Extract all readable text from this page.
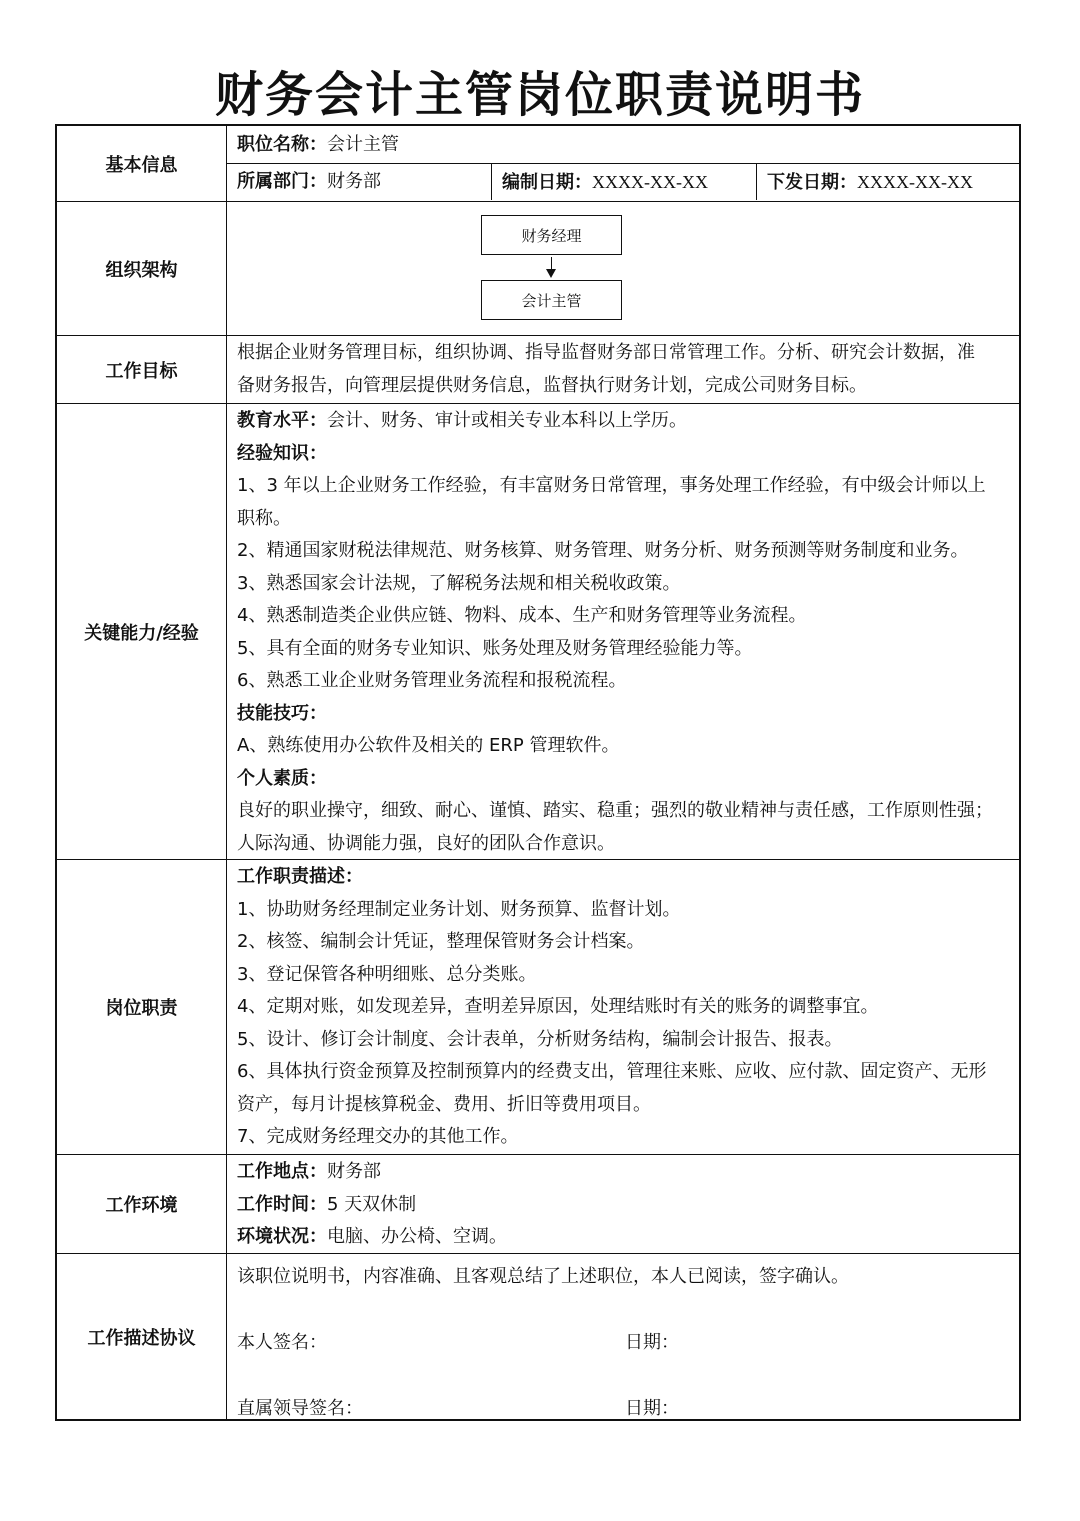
财务会计主管岗位职责说明书
基本信息
职位名称：会计主管
所属部门：财务部	编制日期：XXXX-XX-XX	下发日期：XXXX-XX-XX
组织架构
财务经理
会计主管
工作目标
根据企业财务管理目标，组织协调、指导监督财务部日常管理工作。分析、研究会计数据，准
备财务报告，向管理层提供财务信息，监督执行财务计划，完成公司财务目标。
关键能力/经验
教育水平：会计、财务、审计或相关专业本科以上学历。
经验知识：
1、3 年以上企业财务工作经验，有丰富财务日常管理，事务处理工作经验，有中级会计师以上
职称。
2、精通国家财税法律规范、财务核算、财务管理、财务分析、财务预测等财务制度和业务。
3、熟悉国家会计法规，了解税务法规和相关税收政策。
4、熟悉制造类企业供应链、物料、成本、生产和财务管理等业务流程。
5、具有全面的财务专业知识、账务处理及财务管理经验能力等。
6、熟悉工业企业财务管理业务流程和报税流程。
技能技巧：
A、熟练使用办公软件及相关的 ERP 管理软件。
个人素质：
良好的职业操守，细致、耐心、谨慎、踏实、稳重；强烈的敬业精神与责任感，工作原则性强；
人际沟通、协调能力强，良好的团队合作意识。
岗位职责
工作职责描述：
1、协助财务经理制定业务计划、财务预算、监督计划。
2、核签、编制会计凭证，整理保管财务会计档案。
3、登记保管各种明细账、总分类账。
4、定期对账，如发现差异，查明差异原因，处理结账时有关的账务的调整事宜。
5、设计、修订会计制度、会计表单，分析财务结构，编制会计报告、报表。
6、具体执行资金预算及控制预算内的经费支出，管理往来账、应收、应付款、固定资产、无形
资产，每月计提核算税金、费用、折旧等费用项目。
7、完成财务经理交办的其他工作。
工作环境
工作地点：财务部
工作时间：5 天双休制
环境状况：电脑、办公椅、空调。
工作描述协议
该职位说明书，内容准确、且客观总结了上述职位，本人已阅读，签字确认。
本人签名：	日期：
直属领导签名：	日期：
